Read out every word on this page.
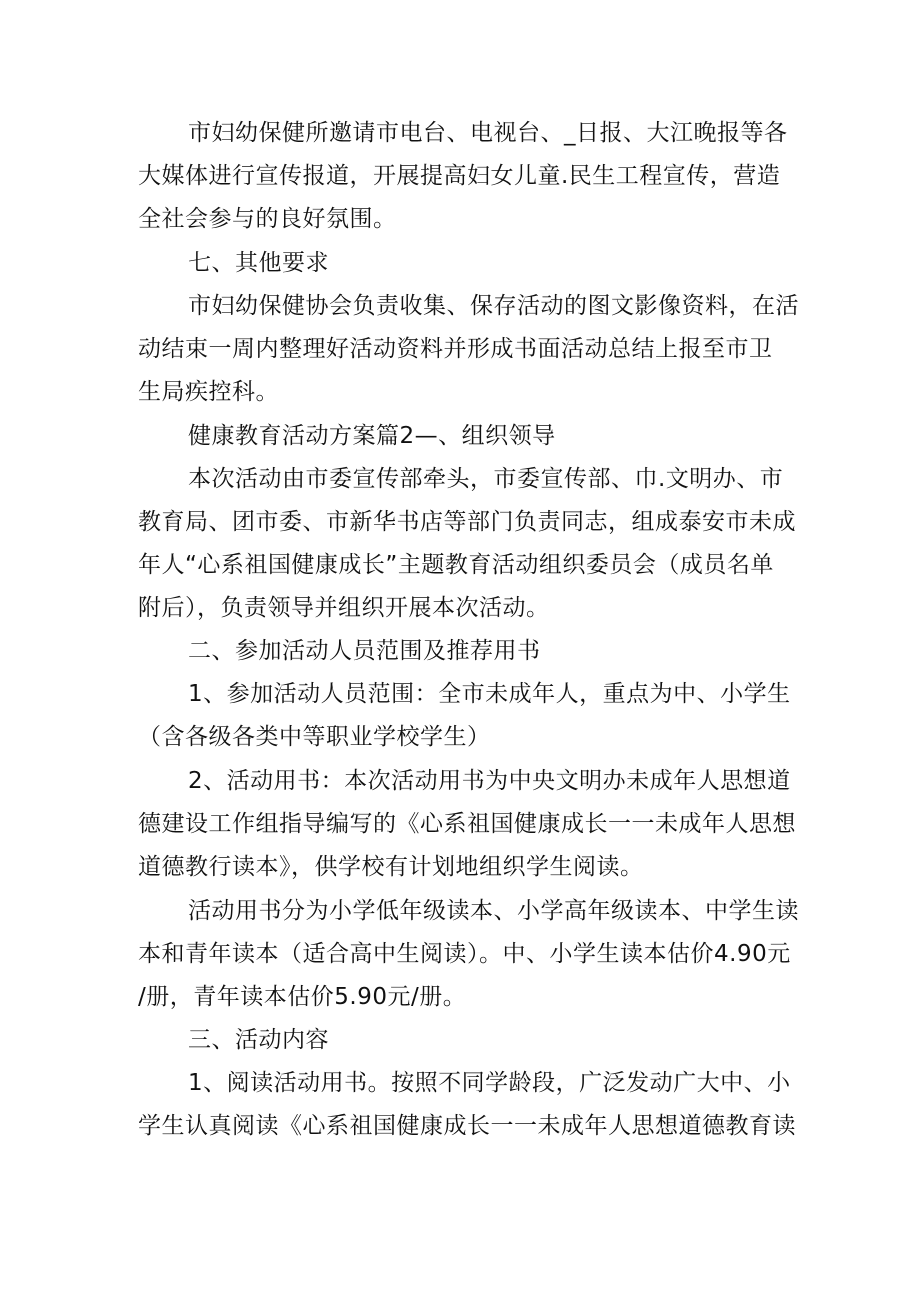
市妇幼保健所邀请市电台、电视台、_日报、大江晚报等各
大媒体进行宣传报道，开展提高妇女儿童.民生工程宣传，营造
全社会参与的良好氛围。
七、其他要求
市妇幼保健协会负责收集、保存活动的图文影像资料，在活
动结束一周内整理好活动资料并形成书面活动总结上报至市卫
生局疾控科。
健康教育活动方案篇2—、组织领导
本次活动由市委宣传部牵头，市委宣传部、巾.文明办、市
教育局、团市委、市新华书店等部门负责同志，组成泰安市未成
年人“心系祖国健康成长”主题教育活动组织委员会（成员名单
附后），负责领导并组织开展本次活动。
二、参加活动人员范围及推荐用书
1、参加活动人员范围：全市未成年人，重点为中、小学生
（含各级各类中等职业学校学生）
2、活动用书：本次活动用书为中央文明办未成年人思想道
德建设工作组指导编写的《心系祖国健康成长一一未成年人思想
道德教行读本》，供学校有计划地组织学生阅读。
活动用书分为小学低年级读本、小学高年级读本、中学生读
本和青年读本（适合高中生阅读）。中、小学生读本估价4.90元
/册，青年读本估价5.90元/册。
三、活动内容
1、阅读活动用书。按照不同学龄段，广泛发动广大中、小
学生认真阅读《心系祖国健康成长一一未成年人思想道德教育读
